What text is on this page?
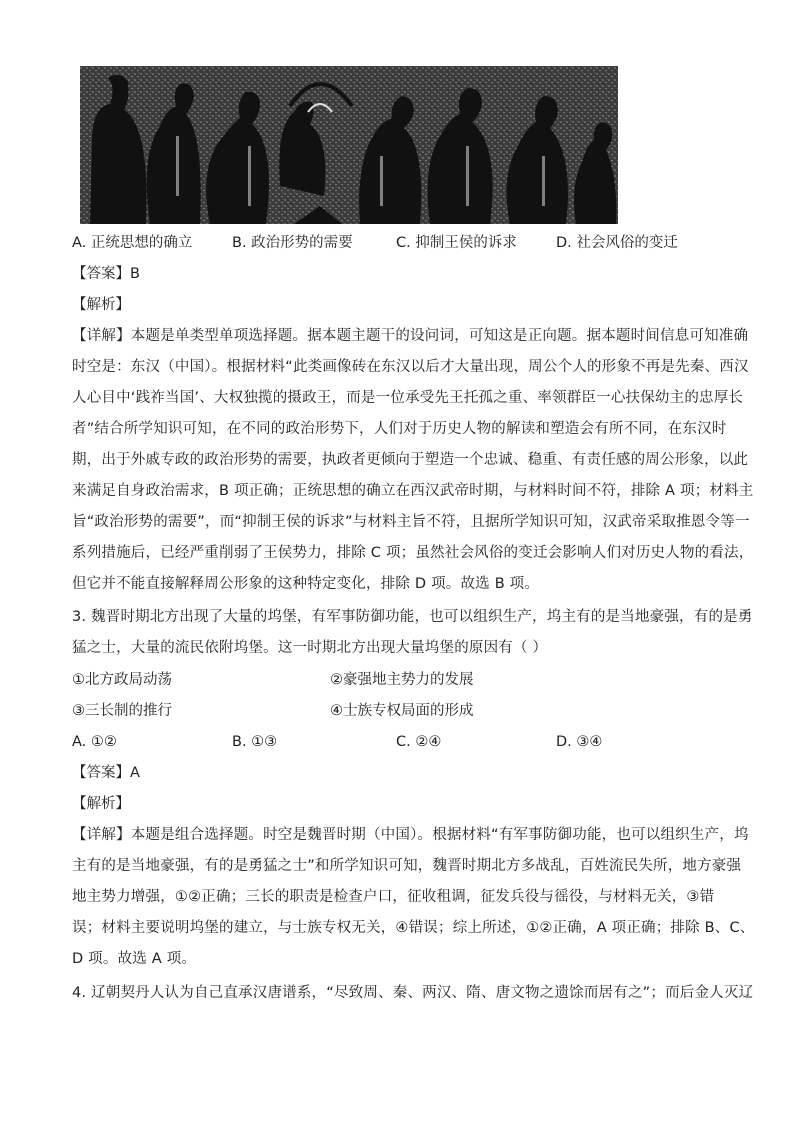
A. 正统思想的确立	B. 政治形势的需要	C. 抑制王侯的诉求	D. 社会风俗的变迁
【答案】B
【解析】
【详解】本题是单类型单项选择题。据本题主题干的设问词，可知这是正向题。据本题时间信息可知准确
时空是：东汉（中国）。根据材料“此类画像砖在东汉以后才大量出现，周公个人的形象不再是先秦、西汉
人心目中‘践祚当国’、大权独揽的摄政王，而是一位承受先王托孤之重、率领群臣一心扶保幼主的忠厚长
者”结合所学知识可知，在不同的政治形势下，人们对于历史人物的解读和塑造会有所不同，在东汉时
期，出于外戚专政的政治形势的需要，执政者更倾向于塑造一个忠诚、稳重、有责任感的周公形象，以此
来满足自身政治需求，B 项正确；正统思想的确立在西汉武帝时期，与材料时间不符，排除 A 项；材料主
旨“政治形势的需要”，而“抑制王侯的诉求”与材料主旨不符，且据所学知识可知，汉武帝采取推恩令等一
系列措施后，已经严重削弱了王侯势力，排除 C 项；虽然社会风俗的变迁会影响人们对历史人物的看法，
但它并不能直接解释周公形象的这种特定变化，排除 D 项。故选 B 项。
3. 魏晋时期北方出现了大量的坞堡，有军事防御功能，也可以组织生产，坞主有的是当地豪强，有的是勇
猛之士，大量的流民依附坞堡。这一时期北方出现大量坞堡的原因有（ ）
①北方政局动荡	②豪强地主势力的发展
③三长制的推行	④士族专权局面的形成
A. ①②	B. ①③	C. ②④	D. ③④
【答案】A
【解析】
【详解】本题是组合选择题。时空是魏晋时期（中国）。根据材料“有军事防御功能，也可以组织生产，坞
主有的是当地豪强，有的是勇猛之士”和所学知识可知，魏晋时期北方多战乱，百姓流民失所，地方豪强
地主势力增强，①②正确；三长的职责是检查户口，征收租调，征发兵役与徭役，与材料无关，③错
误；材料主要说明坞堡的建立，与士族专权无关，④错误；综上所述，①②正确，A 项正确；排除 B、C、
D 项。故选 A 项。
4. 辽朝契丹人认为自己直承汉唐谱系，“尽致周、秦、两汉、隋、唐文物之遗馀而居有之”；而后金人灭辽
